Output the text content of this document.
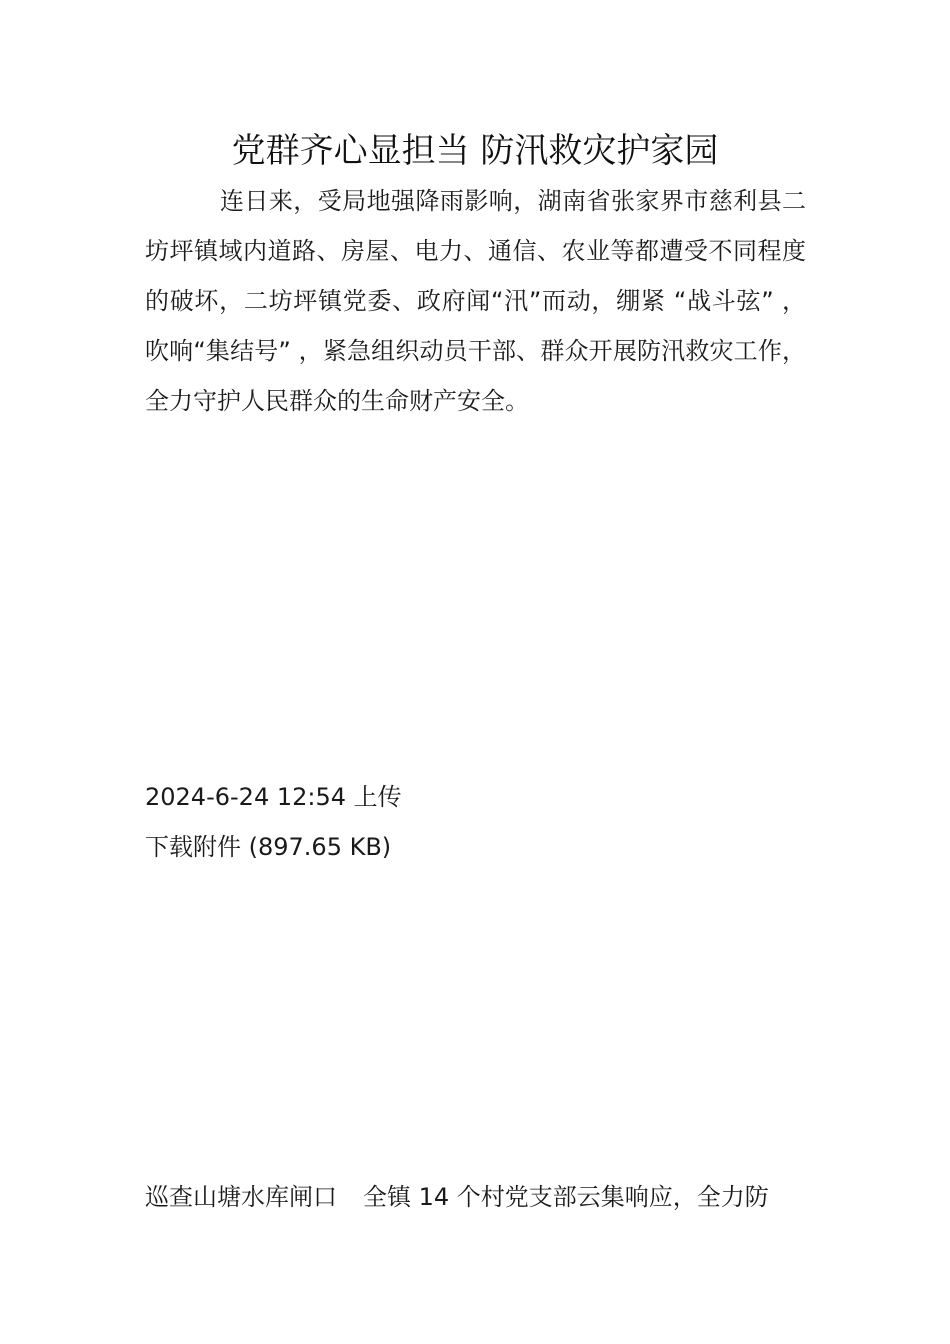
党群齐心显担当 防汛救灾护家园

连日来，受局地强降雨影响，湖南省张家界市慈利县二坊坪镇域内道路、房屋、电力、通信、农业等都遭受不同程度的破坏，二坊坪镇党委、政府闻“汛”而动，绷紧 “战斗弦” ，吹响“集结号” ，紧急组织动员干部、群众开展防汛救灾工作，全力守护人民群众的生命财产安全。

2024-6-24 12:54 上传
下载附件 (897.65 KB)
巡查山塘水库闸口 全镇 14 个村党支部云集响应，全力防
